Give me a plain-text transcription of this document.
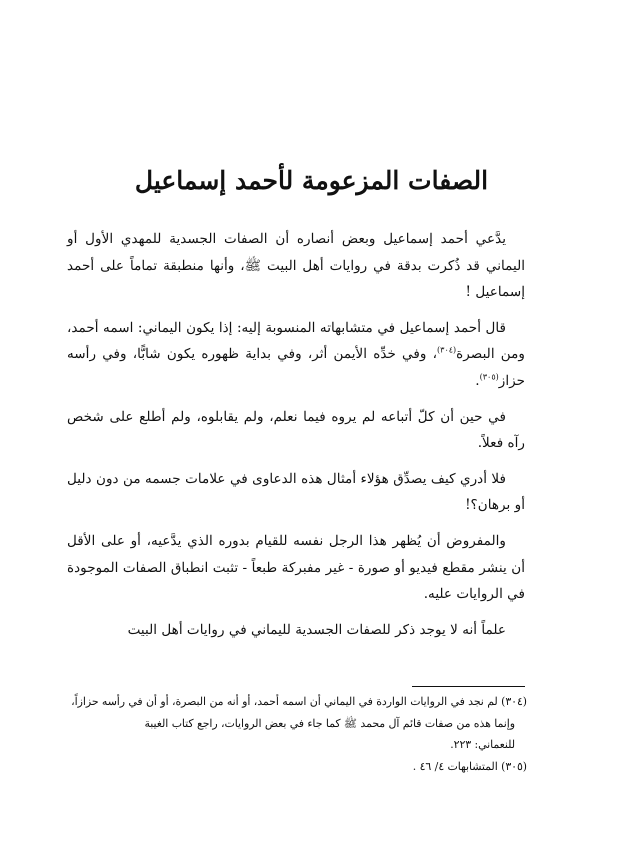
الصفات المزعومة لأحمد إسماعيل

يدَّعي أحمد إسماعيل وبعض أنصاره أن الصفات الجسدية للمهدي الأول أو اليماني قد ذُكرت بدقة في روايات أهل البيت ﷺ، وأنها منطبقة تماماً على أحمد إسماعيل !

قال أحمد إسماعيل في متشابهاته المنسوبة إليه: إذا يكون اليماني: اسمه أحمد، ومن البصرة$^{(٣٠٤)}$، وفي خدِّه الأيمن أثر، وفي بداية ظهوره يكون شابًّا، وفي رأسه حزاز$^{(٣٠٥)}$.

في حين أن كلّ أتباعه لم يروه فيما نعلم، ولم يقابلوه، ولم أطلع على شخص رآه فعلاً.

فلا أدري كيف يصدِّق هؤلاء أمثال هذه الدعاوى في علامات جسمه من دون دليل أو برهان؟!

والمفروض أن يُظهر هذا الرجل نفسه للقيام بدوره الذي يدَّعيه، أو على الأقل أن ينشر مقطع فيديو أو صورة - غير مفبركة طبعاً - تثبت انطباق الصفات الموجودة في الروايات عليه.

علماً أنه لا يوجد ذكر للصفات الجسدية لليماني في روايات أهل البيت

(٣٠٤) لم نجد في الروايات الواردة في اليماني أن اسمه أحمد، أو أنه من البصرة، أو أن في رأسه حزازاً،
وإنما هذه من صفات قائم آل محمد ﷺ كما جاء في بعض الروايات، راجع كتاب الغيبة
للنعماني: ٢٢٣.
(٣٠٥) المتشابهات ٤/ ٤٦ .
